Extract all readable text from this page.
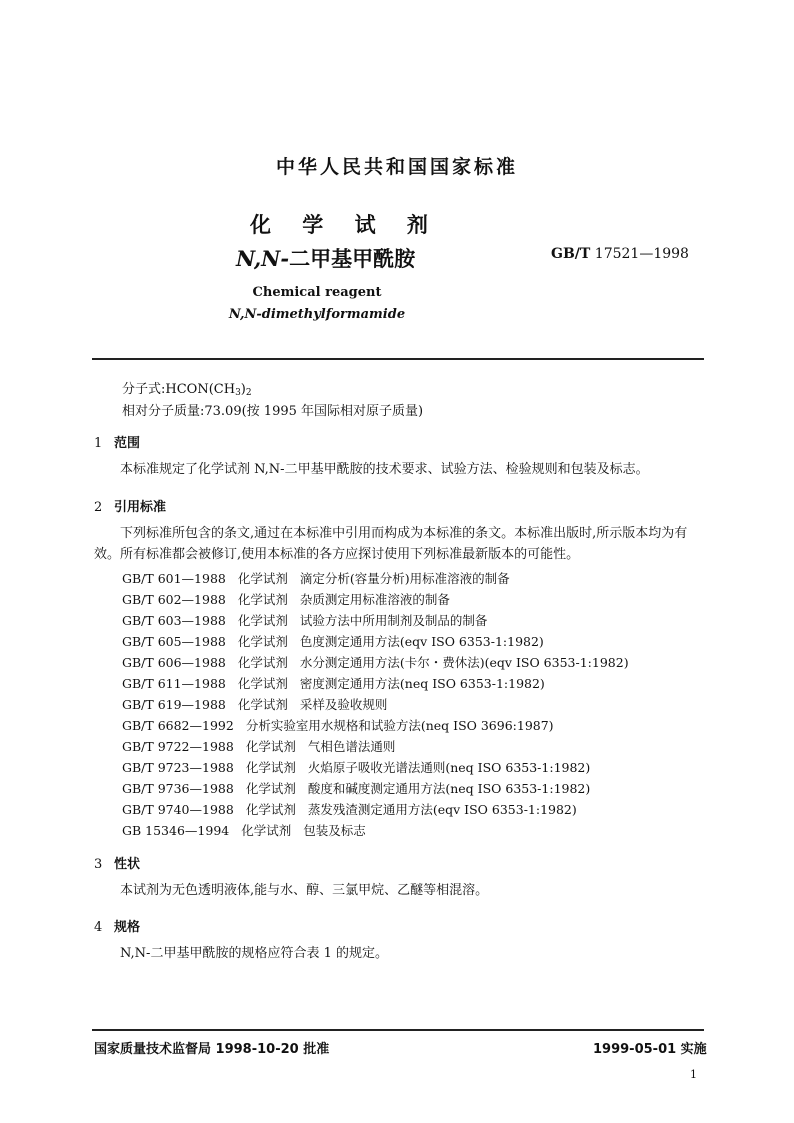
中华人民共和国国家标准
化 学 试 剂
N,N-二甲基甲酰胺	GB/T 17521—1998
Chemical reagent
N,N-dimethylformamide
分子式$:HCON(CH_3)_2$
相对分子质量:73.09(按 1995 年国际相对原子质量)
1 范围
本标准规定了化学试剂 N,N-二甲基甲酰胺的技术要求、试验方法、检验规则和包装及标志。
2 引用标准
下列标准所包含的条文,通过在本标准中引用而构成为本标准的条文。本标准出版时,所示版本均为有效。所有标准都会被修订,使用本标准的各方应探讨使用下列标准最新版本的可能性。
GB/T 601—1988 化学试剂 滴定分析(容量分析)用标准溶液的制备
GB/T 602—1988 化学试剂 杂质测定用标准溶液的制备
GB/T 603—1988 化学试剂 试验方法中所用制剂及制品的制备
GB/T 605—1988 化学试剂 色度测定通用方法(eqv ISO 6353-1:1982)
GB/T 606—1988 化学试剂 水分测定通用方法(卡尔・费休法)(eqv ISO 6353-1:1982)
GB/T 611—1988 化学试剂 密度测定通用方法(neq ISO 6353-1:1982)
GB/T 619—1988 化学试剂 采样及验收规则
GB/T 6682—1992 分析实验室用水规格和试验方法(neq ISO 3696:1987)
GB/T 9722—1988 化学试剂 气相色谱法通则
GB/T 9723—1988 化学试剂 火焰原子吸收光谱法通则(neq ISO 6353-1:1982)
GB/T 9736—1988 化学试剂 酸度和碱度测定通用方法(neq ISO 6353-1:1982)
GB/T 9740—1988 化学试剂 蒸发残渣测定通用方法(eqv ISO 6353-1:1982)
GB 15346—1994 化学试剂 包装及标志
3 性状
本试剂为无色透明液体,能与水、醇、三氯甲烷、乙醚等相混溶。
4 规格
N,N-二甲基甲酰胺的规格应符合表 1 的规定。
国家质量技术监督局 1998-10-20 批准	1999-05-01 实施
1
